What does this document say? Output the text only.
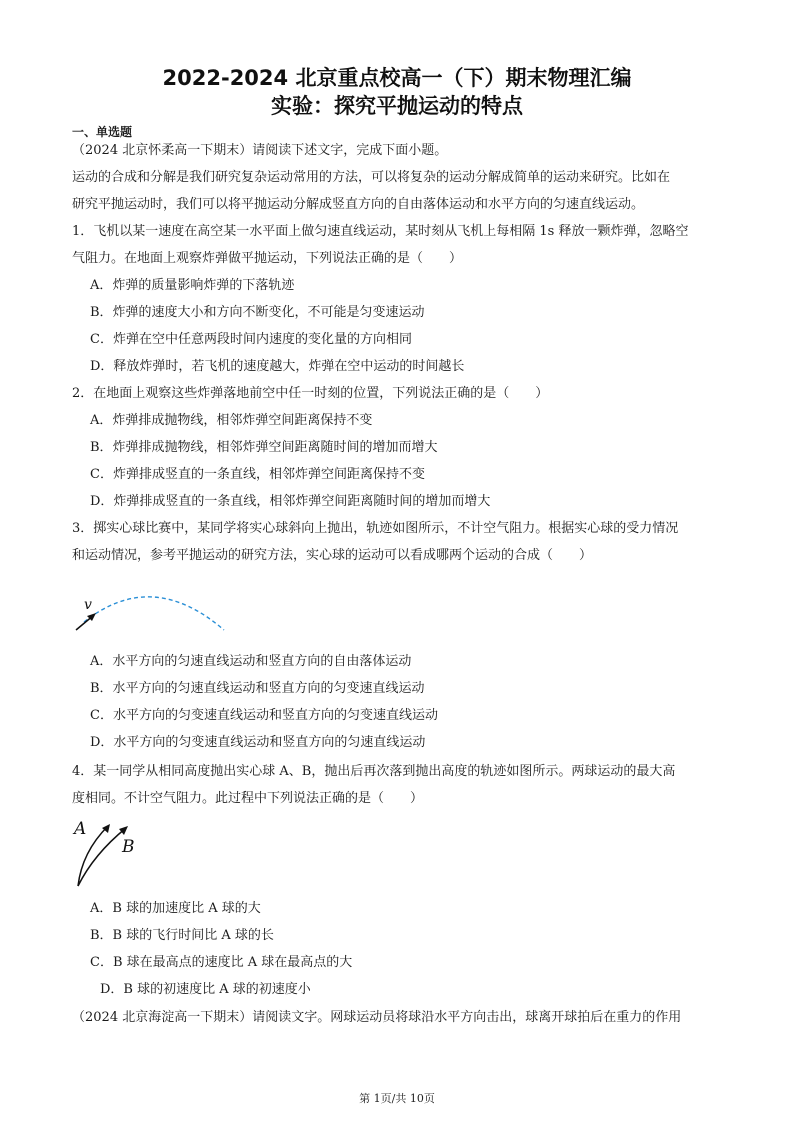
2022-2024 北京重点校高一（下）期末物理汇编
实验：探究平抛运动的特点
一、单选题
（2024 北京怀柔高一下期末）请阅读下述文字，完成下面小题。
运动的合成和分解是我们研究复杂运动常用的方法，可以将复杂的运动分解成简单的运动来研究。比如在
研究平抛运动时，我们可以将平抛运动分解成竖直方向的自由落体运动和水平方向的匀速直线运动。
1．飞机以某一速度在高空某一水平面上做匀速直线运动，某时刻从飞机上每相隔 1s 释放一颗炸弹，忽略空
气阻力。在地面上观察炸弹做平抛运动，下列说法正确的是（　　）
A．炸弹的质量影响炸弹的下落轨迹
B．炸弹的速度大小和方向不断变化，不可能是匀变速运动
C．炸弹在空中任意两段时间内速度的变化量的方向相同
D．释放炸弹时，若飞机的速度越大，炸弹在空中运动的时间越长
2．在地面上观察这些炸弹落地前空中任一时刻的位置，下列说法正确的是（　　）
A．炸弹排成抛物线，相邻炸弹空间距离保持不变
B．炸弹排成抛物线，相邻炸弹空间距离随时间的增加而增大
C．炸弹排成竖直的一条直线，相邻炸弹空间距离保持不变
D．炸弹排成竖直的一条直线，相邻炸弹空间距离随时间的增加而增大
3．掷实心球比赛中，某同学将实心球斜向上抛出，轨迹如图所示，不计空气阻力。根据实心球的受力情况
和运动情况，参考平抛运动的研究方法，实心球的运动可以看成哪两个运动的合成（　　）
v
A．水平方向的匀速直线运动和竖直方向的自由落体运动
B．水平方向的匀速直线运动和竖直方向的匀变速直线运动
C．水平方向的匀变速直线运动和竖直方向的匀变速直线运动
D．水平方向的匀变速直线运动和竖直方向的匀速直线运动
4．某一同学从相同高度抛出实心球 A、B，抛出后再次落到抛出高度的轨迹如图所示。两球运动的最大高
度相同。不计空气阻力。此过程中下列说法正确的是（　　）
A
B
A．B 球的加速度比 A 球的大
B．B 球的飞行时间比 A 球的长
C．B 球在最高点的速度比 A 球在最高点的大
D．B 球的初速度比 A 球的初速度小
（2024 北京海淀高一下期末）请阅读文字。网球运动员将球沿水平方向击出，球离开球拍后在重力的作用
第 1页/共 10页
